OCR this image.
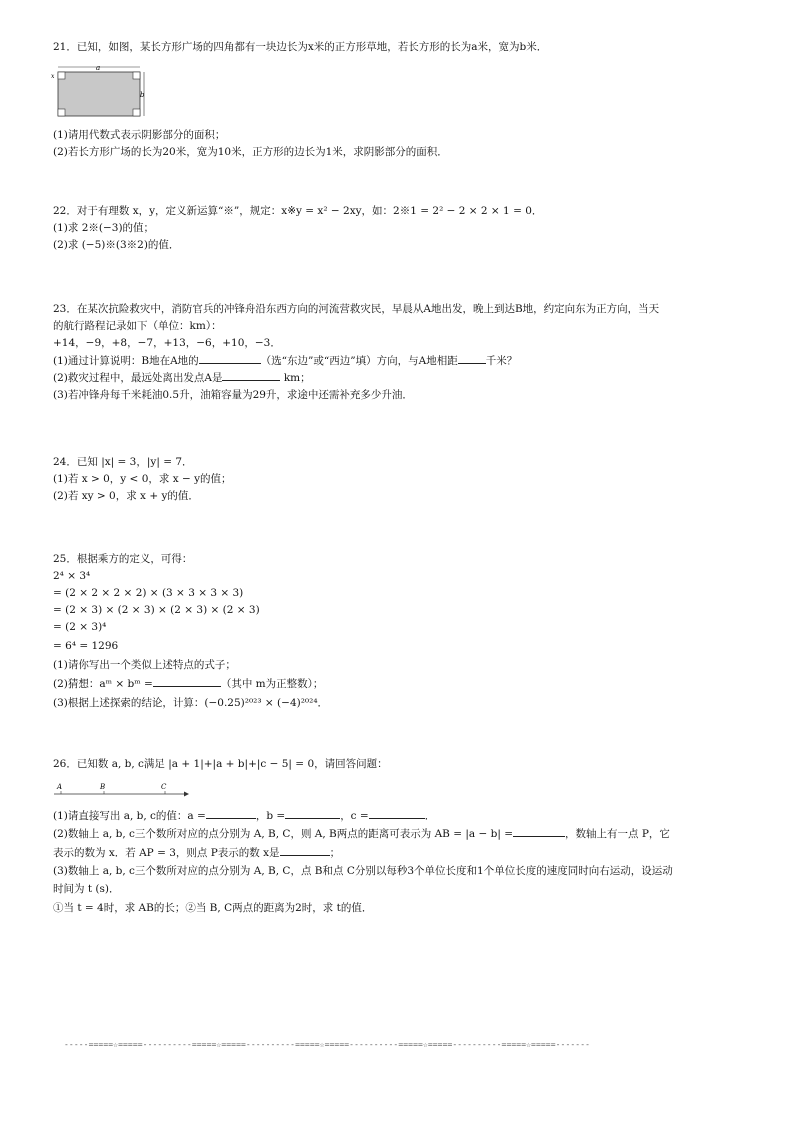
21．已知，如图，某长方形广场的四角都有一块边长为x米的正方形草地，若长方形的长为a米，宽为b米．
a
x
b
(1)请用代数式表示阴影部分的面积；
(2)若长方形广场的长为20米，宽为10米，正方形的边长为1米，求阴影部分的面积．
22．对于有理数 x，y，定义新运算“※”，规定：x※y = x² − 2xy，如：2※1 = 2² − 2 × 2 × 1 = 0．
(1)求 2※(−3)的值；
(2)求 (−5)※(3※2)的值．
23．在某次抗险救灾中，消防官兵的冲锋舟沿东西方向的河流营救灾民，早晨从A地出发，晚上到达B地，约定向东为正方向，当天
的航行路程记录如下（单位：km）：
+14，−9，+8，−7，+13，−6，+10，−3．
(1)通过计算说明：B地在A地的	（选“东边”或“西边”填）方向，与A地相距	千米？
(2)救灾过程中，最远处离出发点A是	km；
(3)若冲锋舟每千米耗油0.5升，油箱容量为29升，求途中还需补充多少升油．
24．已知 |x| = 3，|y| = 7．
(1)若 x > 0，y < 0，求 x − y的值；
(2)若 xy > 0，求 x + y的值．
25．根据乘方的定义，可得：
2⁴ × 3⁴
= (2 × 2 × 2 × 2) × (3 × 3 × 3 × 3)
= (2 × 3) × (2 × 3) × (2 × 3) × (2 × 3)
= (2 × 3)⁴
= 6⁴ = 1296
(1)请你写出一个类似上述特点的式子；
(2)猜想：aᵐ × bᵐ =	（其中 m为正整数）；
(3)根据上述探索的结论，计算：(−0.25)²⁰²³ × (−4)²⁰²⁴．
26．已知数 a, b, c满足 |a + 1|+|a + b|+|c − 5| = 0，请回答问题：
A	B	C
(1)请直接写出 a, b, c的值：a =	，b =	，c =	．
(2)数轴上 a, b, c三个数所对应的点分别为 A, B, C，则 A, B两点的距离可表示为 AB = |a − b| =	，数轴上有一点 P，它
表示的数为 x．若 AP = 3，则点 P表示的数 x是	；
(3)数轴上 a, b, c三个数所对应的点分别为 A, B, C，点 B和点 C分别以每秒3个单位长度和1个单位长度的速度同时向右运动，设运动
时间为 t (s)．
①当 t = 4时，求 AB的长；②当 B, C两点的距离为2时，求 t的值．
-----=====☆=====----------=====☆=====----------=====☆=====----------=====☆=====----------=====☆=====-------
